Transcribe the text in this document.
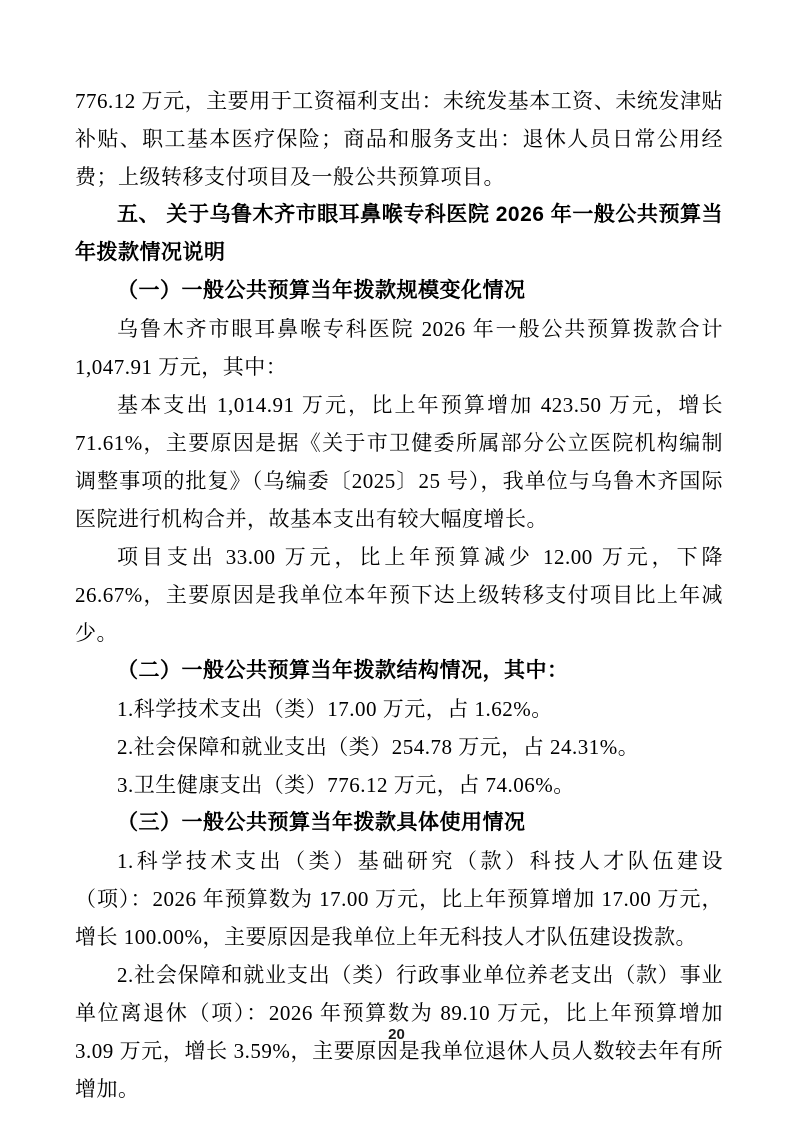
776.12 万元，主要用于工资福利支出：未统发基本工资、未统发津贴补贴、职工基本医疗保险；商品和服务支出：退休人员日常公用经费；上级转移支付项目及一般公共预算项目。

五、 关于乌鲁木齐市眼耳鼻喉专科医院 2026 年一般公共预算当年拨款情况说明

（一）一般公共预算当年拨款规模变化情况

乌鲁木齐市眼耳鼻喉专科医院 2026 年一般公共预算拨款合计 1,047.91 万元，其中：

基本支出 1,014.91 万元，比上年预算增加 423.50 万元，增长 71.61%，主要原因是据《关于市卫健委所属部分公立医院机构编制调整事项的批复》（乌编委〔2025〕25 号），我单位与乌鲁木齐国际医院进行机构合并，故基本支出有较大幅度增长。

项目支出 33.00 万元，比上年预算减少 12.00 万元，下降 26.67%，主要原因是我单位本年预下达上级转移支付项目比上年减少。

（二）一般公共预算当年拨款结构情况，其中：

1.科学技术支出（类）17.00 万元，占 1.62%。

2.社会保障和就业支出（类）254.78 万元，占 24.31%。

3.卫生健康支出（类）776.12 万元，占 74.06%。

（三）一般公共预算当年拨款具体使用情况

1.科学技术支出（类）基础研究（款）科技人才队伍建设（项）：2026 年预算数为 17.00 万元，比上年预算增加 17.00 万元，增长 100.00%，主要原因是我单位上年无科技人才队伍建设拨款。

2.社会保障和就业支出（类）行政事业单位养老支出（款）事业单位离退休（项）：2026 年预算数为 89.10 万元，比上年预算增加 3.09 万元，增长 3.59%，主要原因是我单位退休人员人数较去年有所增加。

20
